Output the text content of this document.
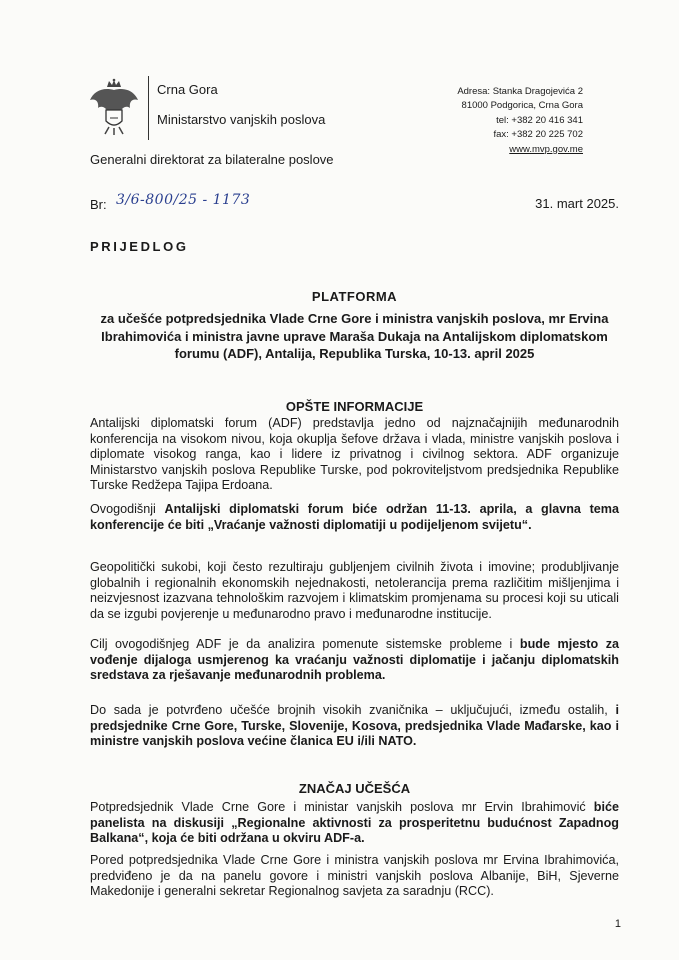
Crna Gora
Ministarstvo vanjskih poslova
Adresa: Stanka Dragojevića 2
81000 Podgorica, Crna Gora
tel: +382 20 416 341
fax: +382 20 225 702
www.mvp.gov.me
Generalni direktorat za bilateralne poslove
Br: 3/6-800/25 - 1173	31. mart 2025.
PRIJEDLOG
PLATFORMA
za učešće potpredsjednika Vlade Crne Gore i ministra vanjskih poslova, mr Ervina Ibrahimovića i ministra javne uprave Maraša Dukaja na Antalijskom diplomatskom forumu (ADF), Antalija, Republika Turska, 10-13. april 2025
OPŠTE INFORMACIJE
Antalijski diplomatski forum (ADF) predstavlja jedno od najznačajnijih međunarodnih konferencija na visokom nivou, koja okuplja šefove država i vlada, ministre vanjskih poslova i diplomate visokog ranga, kao i lidere iz privatnog i civilnog sektora. ADF organizuje Ministarstvo vanjskih poslova Republike Turske, pod pokroviteljstvom predsjednika Republike Turske Redžepa Tajipa Erdoana.
Ovogodišnji Antalijski diplomatski forum biće održan 11-13. aprila, a glavna tema konferencije će biti „Vraćanje važnosti diplomatiji u podijeljenom svijetu“.
Geopolitički sukobi, koji često rezultiraju gubljenjem civilnih života i imovine; produbljivanje globalnih i regionalnih ekonomskih nejednakosti, netolerancija prema različitim mišljenjima i neizvjesnost izazvana tehnološkim razvojem i klimatskim promjenama su procesi koji su uticali da se izgubi povjerenje u međunarodno pravo i međunarodne institucije.
Cilj ovogodišnjeg ADF je da analizira pomenute sistemske probleme i bude mjesto za vođenje dijaloga usmjerenog ka vraćanju važnosti diplomatije i jačanju diplomatskih sredstava za rješavanje međunarodnih problema.
Do sada je potvrđeno učešće brojnih visokih zvaničnika – uključujući, između ostalih, i predsjednike Crne Gore, Turske, Slovenije, Kosova, predsjednika Vlade Mađarske, kao i ministre vanjskih poslova većine članica EU i/ili NATO.
ZNAČAJ UČEŠĆA
Potpredsjednik Vlade Crne Gore i ministar vanjskih poslova mr Ervin Ibrahimović biće panelista na diskusiji „Regionalne aktivnosti za prosperitetnu budućnost Zapadnog Balkana“, koja će biti održana u okviru ADF-a.
Pored potpredsjednika Vlade Crne Gore i ministra vanjskih poslova mr Ervina Ibrahimovića, predviđeno je da na panelu govore i ministri vanjskih poslova Albanije, BiH, Sjeverne Makedonije i generalni sekretar Regionalnog savjeta za saradnju (RCC).
1
